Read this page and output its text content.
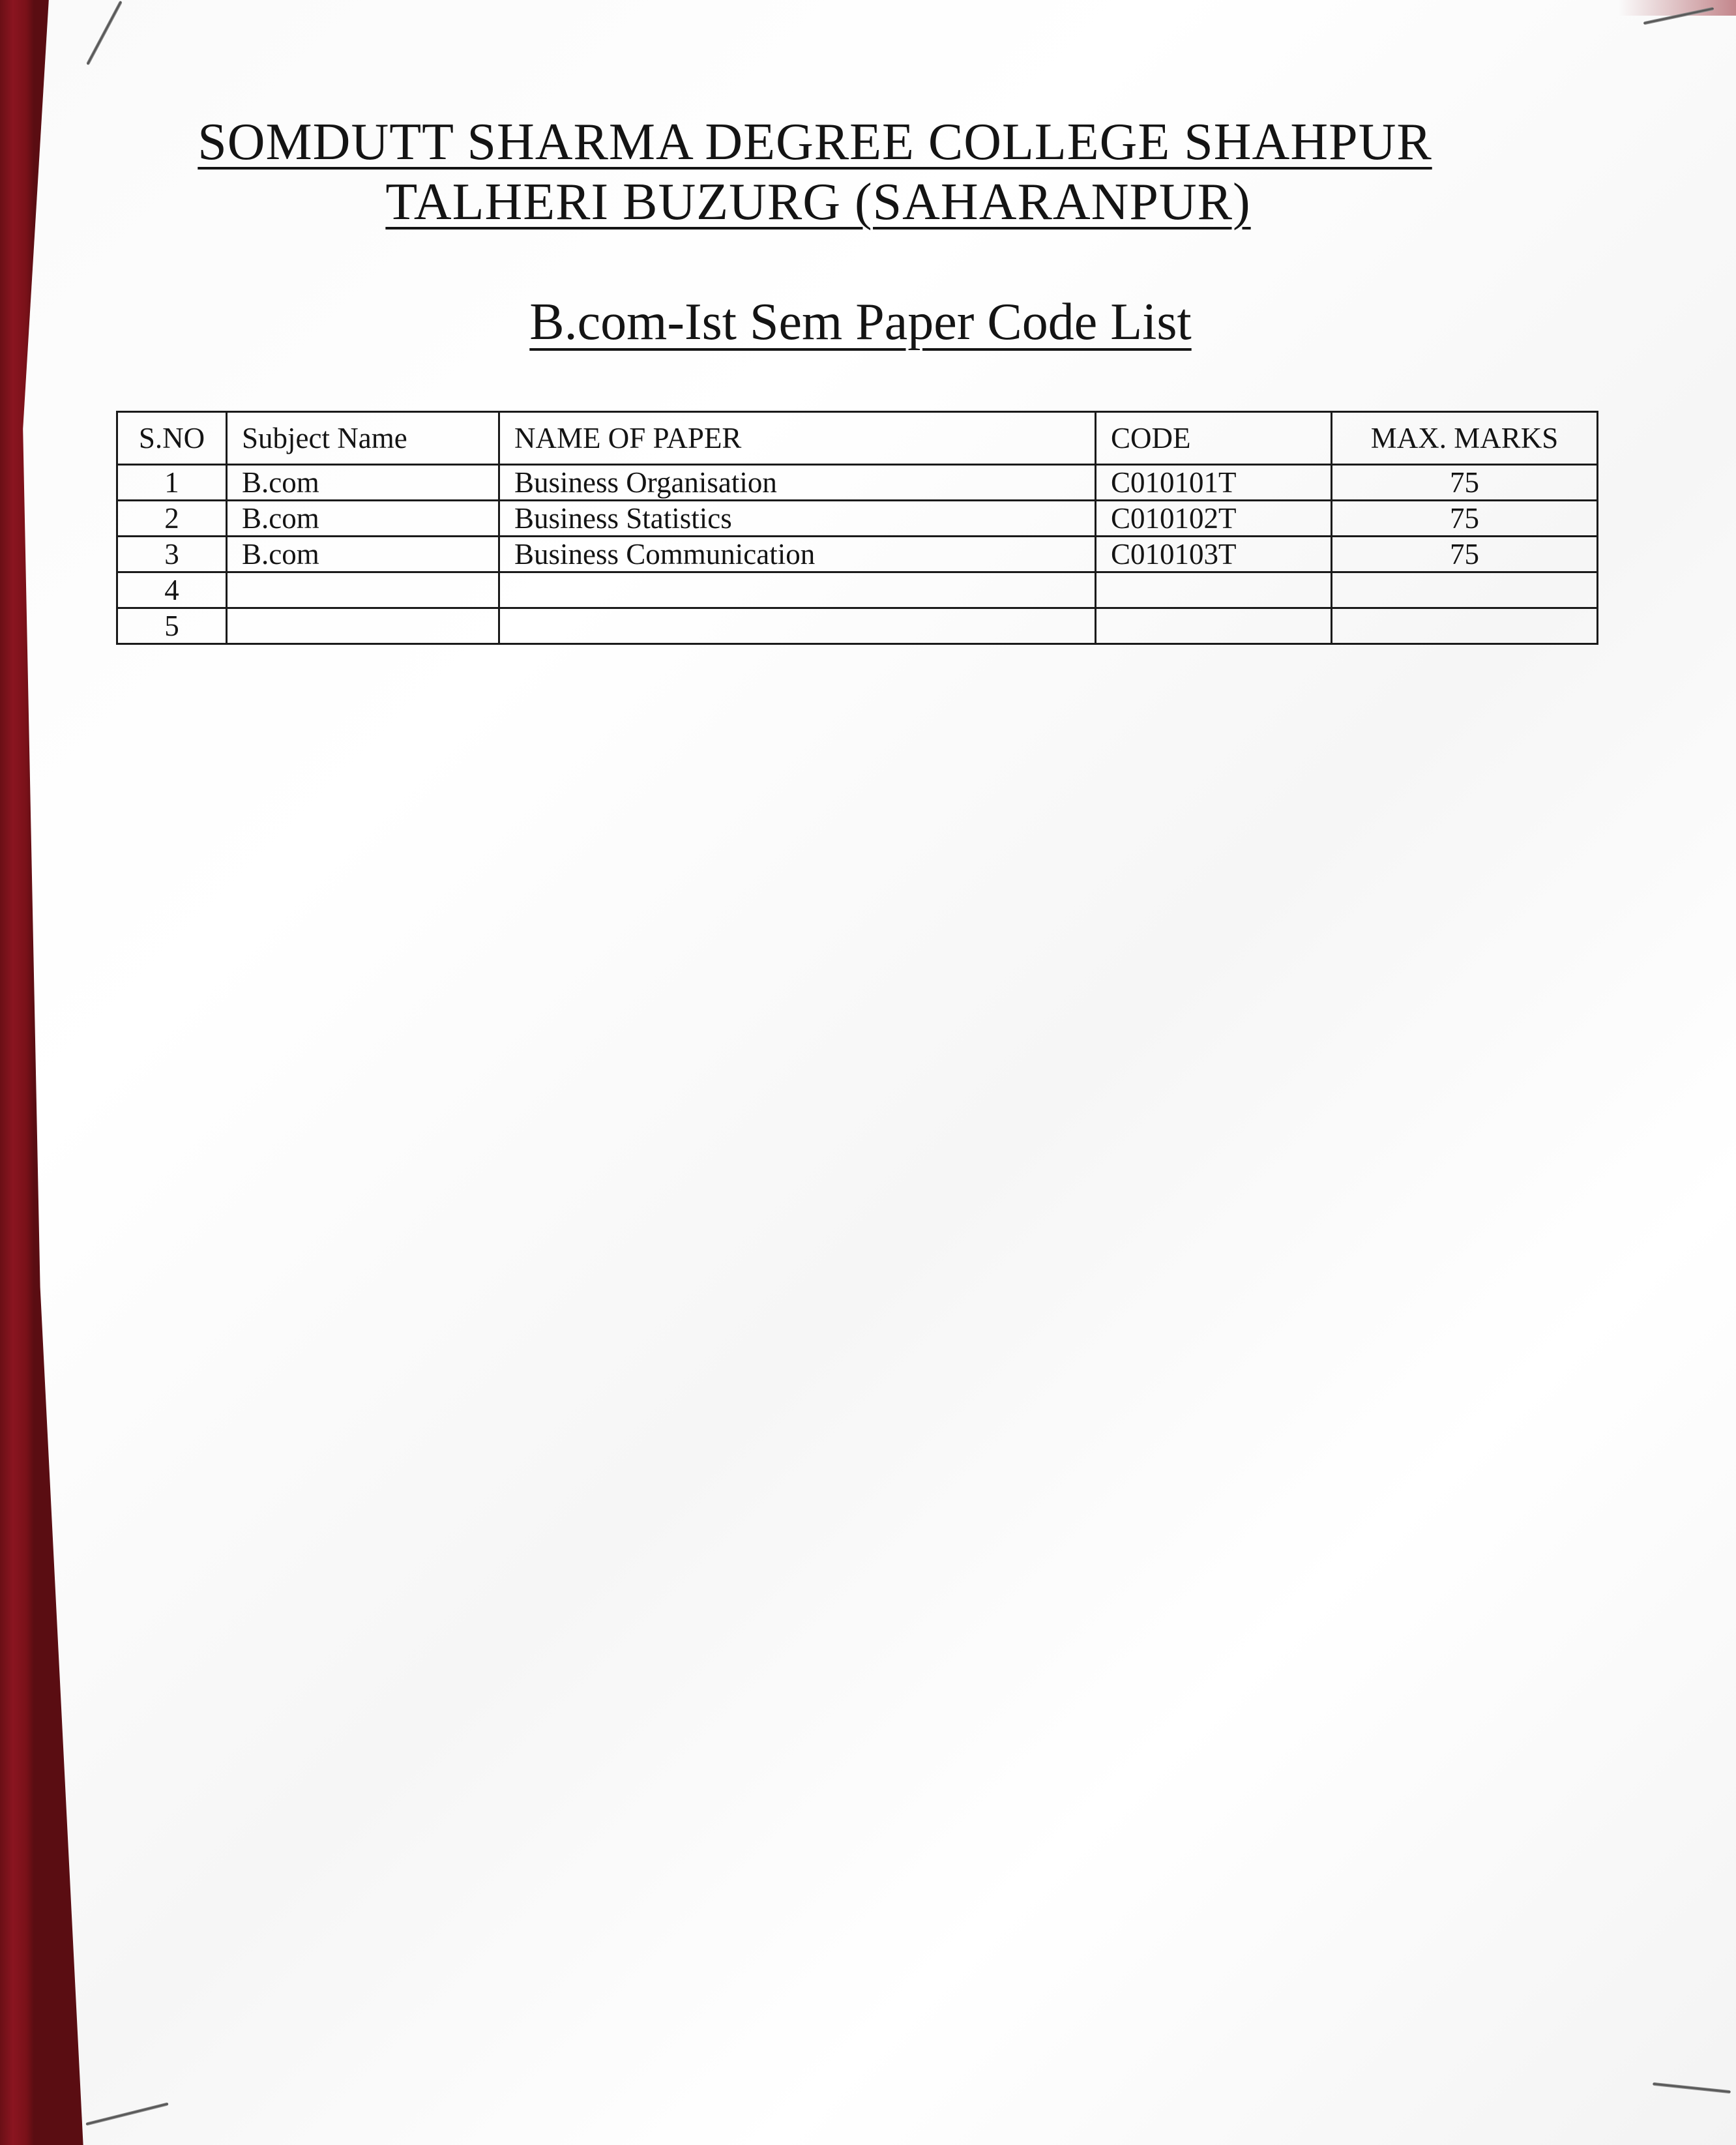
SOMDUTT SHARMA DEGREE COLLEGE SHAHPUR
TALHERI BUZURG (SAHARANPUR)
B.com-Ist Sem Paper Code List
S.NO	Subject Name	NAME OF PAPER	CODE	MAX. MARKS
1	B.com	Business Organisation	C010101T	75
2	B.com	Business Statistics	C010102T	75
3	B.com	Business Communication	C010103T	75
4				
5				
